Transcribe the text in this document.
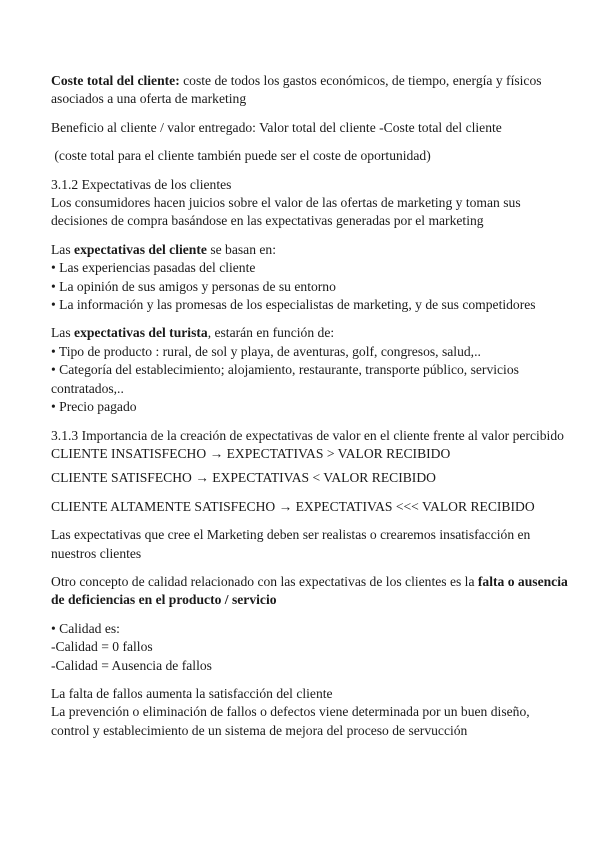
Coste total del cliente: coste de todos los gastos económicos, de tiempo, energía y físicos asociados a una oferta de marketing

Beneficio al cliente / valor entregado: Valor total del cliente -Coste total del cliente

(coste total para el cliente también puede ser el coste de oportunidad)

3.1.2 Expectativas de los clientes
Los consumidores hacen juicios sobre el valor de las ofertas de marketing y toman sus decisiones de compra basándose en las expectativas generadas por el marketing

Las expectativas del cliente se basan en:
• Las experiencias pasadas del cliente
• La opinión de sus amigos y personas de su entorno
• La información y las promesas de los especialistas de marketing, y de sus competidores

Las expectativas del turista, estarán en función de:
• Tipo de producto : rural, de sol y playa, de aventuras, golf, congresos, salud,..
• Categoría del establecimiento; alojamiento, restaurante, transporte público, servicios contratados,..
• Precio pagado

3.1.3 Importancia de la creación de expectativas de valor en el cliente frente al valor percibido
CLIENTE INSATISFECHO → EXPECTATIVAS > VALOR RECIBIDO

CLIENTE SATISFECHO → EXPECTATIVAS < VALOR RECIBIDO

CLIENTE ALTAMENTE SATISFECHO → EXPECTATIVAS <<< VALOR RECIBIDO

Las expectativas que cree el Marketing deben ser realistas o crearemos insatisfacción en nuestros clientes

Otro concepto de calidad relacionado con las expectativas de los clientes es la falta o ausencia de deficiencias en el producto / servicio

• Calidad es:
-Calidad = 0 fallos
-Calidad = Ausencia de fallos

La falta de fallos aumenta la satisfacción del cliente
La prevención o eliminación de fallos o defectos viene determinada por un buen diseño, control y establecimiento de un sistema de mejora del proceso de servucción
